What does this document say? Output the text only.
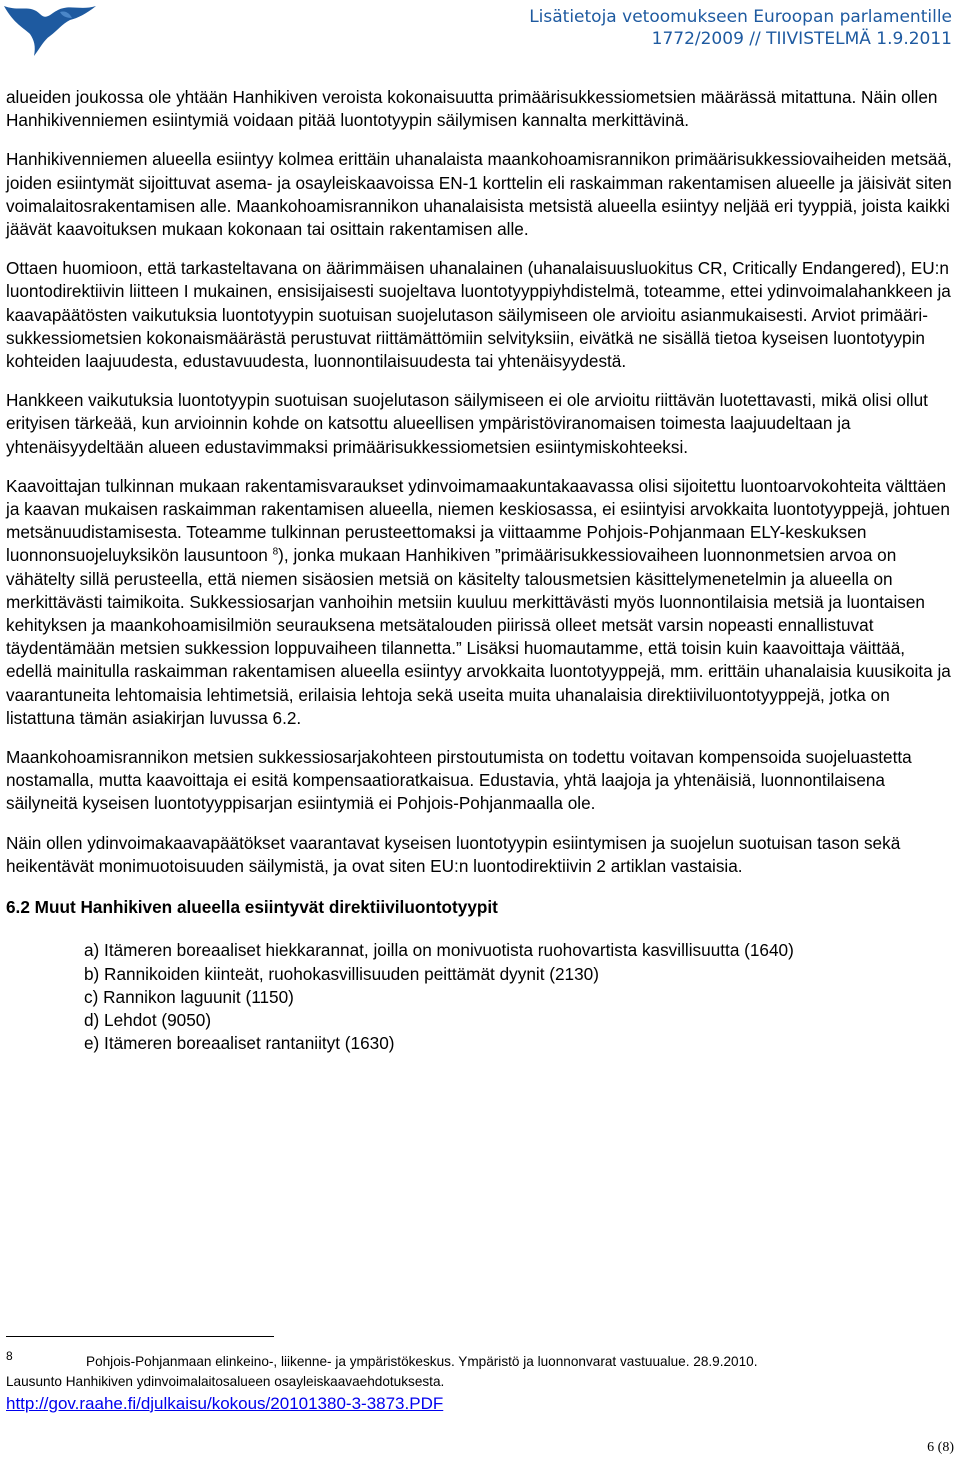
Lisätietoja vetoomukseen Euroopan parlamentille
1772/2009 // TIIVISTELMÄ 1.9.2011

alueiden joukossa ole yhtään Hanhikiven veroista kokonaisuutta primäärisukkessiometsien määrässä mitattuna. Näin ollen Hanhikivenniemen esiintymiä voidaan pitää luontotyypin säilymisen kannalta merkittävinä.

Hanhikivenniemen alueella esiintyy kolmea erittäin uhanalaista maankohoamisrannikon primäärisukkessiovaiheiden metsää, joiden esiintymät sijoittuvat asema- ja osayleiskaavoissa EN-1 korttelin eli raskaimman rakentamisen alueelle ja jäisivät siten voimalaitosrakentamisen alle. Maankohoamisrannikon uhanalaisista metsistä alueella esiintyy neljää eri tyyppiä, joista kaikki jäävät kaavoituksen mukaan kokonaan tai osittain rakentamisen alle.

Ottaen huomioon, että tarkasteltavana on äärimmäisen uhanalainen (uhanalaisuusluokitus CR, Critically Endangered), EU:n luontodirektiivin liitteen I mukainen, ensisijaisesti suojeltava luontotyyppiyhdistelmä, toteamme, ettei ydinvoimalahankkeen ja kaavapäätösten vaikutuksia luontotyypin suotuisan suojelutason säilymiseen ole arvioitu asianmukaisesti. Arviot primääri-sukkessiometsien kokonaismäärästä perustuvat riittämättömiin selvityksiin, eivätkä ne sisällä tietoa kyseisen luontotyypin kohteiden laajuudesta, edustavuudesta, luonnontilaisuudesta tai yhtenäisyydestä.

Hankkeen vaikutuksia luontotyypin suotuisan suojelutason säilymiseen ei ole arvioitu riittävän luotettavasti, mikä olisi ollut erityisen tärkeää, kun arvioinnin kohde on katsottu alueellisen ympäristöviranomaisen toimesta laajuudeltaan ja yhtenäisyydeltään alueen edustavimmaksi primäärisukkessiometsien esiintymiskohteeksi.

Kaavoittajan tulkinnan mukaan rakentamisvaraukset ydinvoimamaakuntakaavassa olisi sijoitettu luontoarvokohteita välttäen ja kaavan mukaisen raskaimman rakentamisen alueella, niemen keskiosassa, ei esiintyisi arvokkaita luontotyyppejä, johtuen metsänuudistamisesta. Toteamme tulkinnan perusteettomaksi ja viittaamme Pohjois-Pohjanmaan ELY-keskuksen luonnonsuojeluyksikön lausuntoon $^8$), jonka mukaan Hanhikiven ”primäärisukkessiovaiheen luonnonmetsien arvoa on vähätelty sillä perusteella, että niemen sisäosien metsiä on käsitelty talousmetsien käsittelymenetelmin ja alueella on merkittävästi taimikoita. Sukkessiosarjan vanhoihin metsiin kuuluu merkittävästi myös luonnontilaisia metsiä ja luontaisen kehityksen ja maankohoamisilmiön seurauksena metsätalouden piirissä olleet metsät varsin nopeasti ennallistuvat täydentämään metsien sukkession loppuvaiheen tilannetta.” Lisäksi huomautamme, että toisin kuin kaavoittaja väittää, edellä mainitulla raskaimman rakentamisen alueella esiintyy arvokkaita luontotyyppejä, mm. erittäin uhanalaisia kuusikoita ja vaarantuneita lehtomaisia lehtimetsiä, erilaisia lehtoja sekä useita muita uhanalaisia direktiiviluontotyyppejä, jotka on listattuna tämän asiakirjan luvussa 6.2.

Maankohoamisrannikon metsien sukkessiosarjakohteen pirstoutumista on todettu voitavan kompensoida suojeluastetta nostamalla, mutta kaavoittaja ei esitä kompensaatioratkaisua. Edustavia, yhtä laajoja ja yhtenäisiä, luonnontilaisena säilyneitä kyseisen luontotyyppisarjan esiintymiä ei Pohjois-Pohjanmaalla ole.

Näin ollen ydinvoimakaavapäätökset vaarantavat kyseisen luontotyypin esiintymisen ja suojelun suotuisan tason sekä heikentävät monimuotoisuuden säilymistä, ja ovat siten EU:n luontodirektiivin 2 artiklan vastaisia.

6.2 Muut Hanhikiven alueella esiintyvät direktiiviluontotyypit
a) Itämeren boreaaliset hiekkarannat, joilla on monivuotista ruohovartista kasvillisuutta (1640)
b) Rannikoiden kiinteät, ruohokasvillisuuden peittämät dyynit (2130)
c) Rannikon laguunit (1150)
d) Lehdot (9050)
e) Itämeren boreaaliset rantaniityt (1630)
8	Pohjois-Pohjanmaan elinkeino-, liikenne- ja ympäristökeskus. Ympäristö ja luonnonvarat vastuualue. 28.9.2010.
Lausunto Hanhikiven ydinvoimalaitosalueen osayleiskaavaehdotuksesta.
http://gov.raahe.fi/djulkaisu/kokous/20101380-3-3873.PDF
6 (8)
